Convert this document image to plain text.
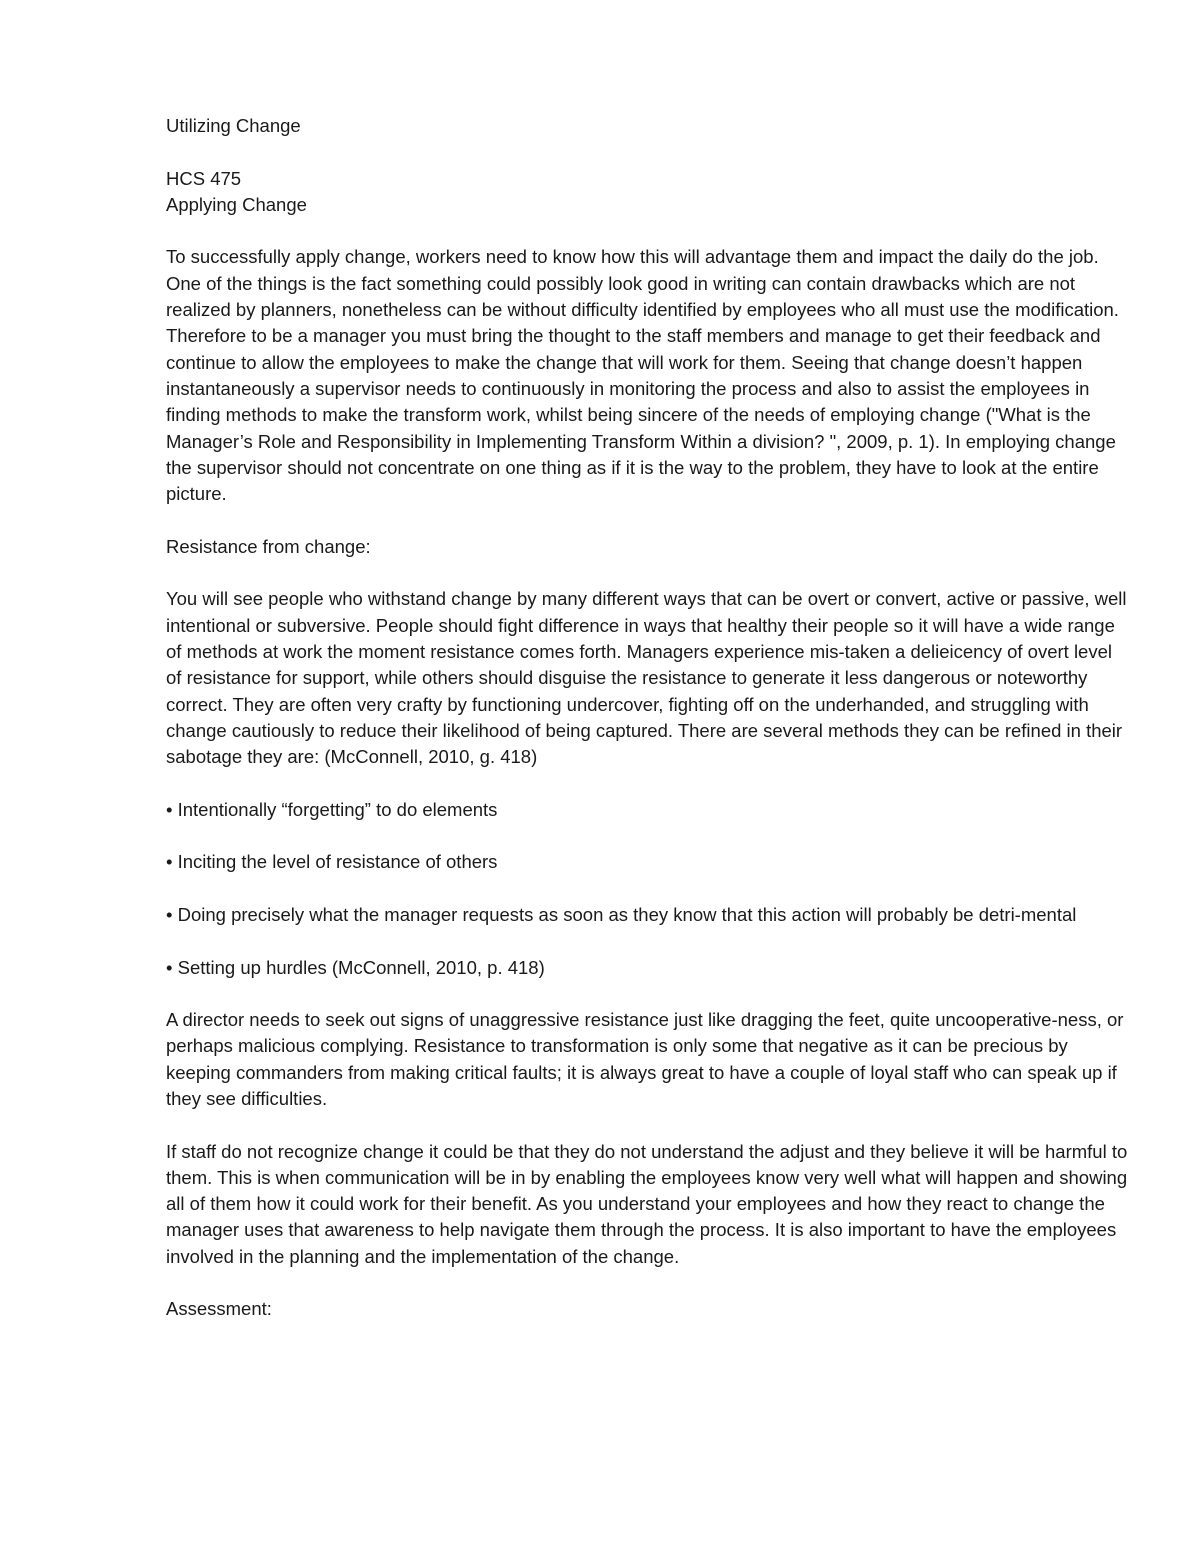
Utilizing Change

HCS 475

Applying Change

To successfully apply change, workers need to know how this will advantage them and impact the daily do the job. One of the things is the fact something could possibly look good in writing can contain drawbacks which are not realized by planners, nonetheless can be without difficulty identified by employees who all must use the modification. Therefore to be a manager you must bring the thought to the staff members and manage to get their feedback and continue to allow the employees to make the change that will work for them. Seeing that change doesn’t happen instantaneously a supervisor needs to continuously in monitoring the process and also to assist the employees in finding methods to make the transform work, whilst being sincere of the needs of employing change ("What is the Manager’s Role and Responsibility in Implementing Transform Within a division? ", 2009, p. 1). In employing change the supervisor should not concentrate on one thing as if it is the way to the problem, they have to look at the entire picture.

Resistance from change:

You will see people who withstand change by many different ways that can be overt or convert, active or passive, well intentional or subversive. People should fight difference in ways that healthy their people so it will have a wide range of methods at work the moment resistance comes forth. Managers experience mis-taken a delieicency of overt level of resistance for support, while others should disguise the resistance to generate it less dangerous or noteworthy correct. They are often very crafty by functioning undercover, fighting off on the underhanded, and struggling with change cautiously to reduce their likelihood of being captured. There are several methods they can be refined in their sabotage they are: (McConnell, 2010, g. 418)

• Intentionally “forgetting” to do elements

• Inciting the level of resistance of others

• Doing precisely what the manager requests as soon as they know that this action will probably be detri-mental

• Setting up hurdles (McConnell, 2010, p. 418)

A director needs to seek out signs of unaggressive resistance just like dragging the feet, quite uncooperative-ness, or perhaps malicious complying. Resistance to transformation is only some that negative as it can be precious by keeping commanders from making critical faults; it is always great to have a couple of loyal staff who can speak up if they see difficulties.

If staff do not recognize change it could be that they do not understand the adjust and they believe it will be harmful to them. This is when communication will be in by enabling the employees know very well what will happen and showing all of them how it could work for their benefit. As you understand your employees and how they react to change the manager uses that awareness to help navigate them through the process. It is also important to have the employees involved in the planning and the implementation of the change.

Assessment:
